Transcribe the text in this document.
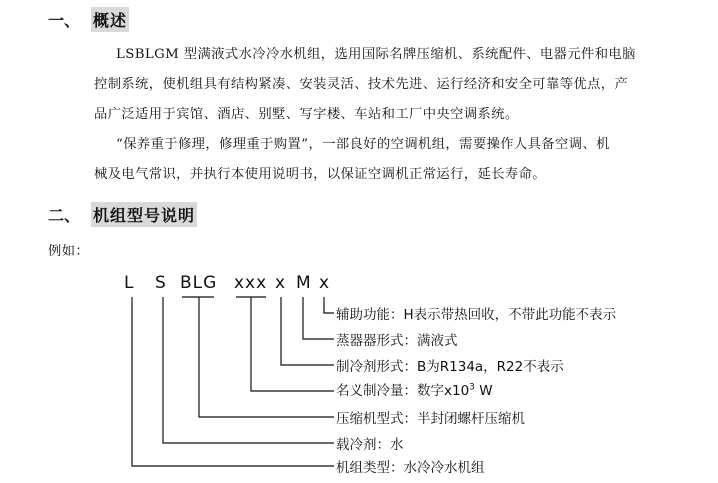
一、 概述
LSBLGM 型满液式水冷冷水机组，选用国际名牌压缩机、系统配件、电器元件和电脑
控制系统，使机组具有结构紧凑、安装灵活、技术先进、运行经济和安全可靠等优点，产
品广泛适用于宾馆、酒店、别墅、写字楼、车站和工厂中央空调系统。
“保养重于修理，修理重于购置”，一部良好的空调机组，需要操作人具备空调、机
械及电气常识，并执行本使用说明书，以保证空调机正常运行，延长寿命。
二、 机组型号说明
例如：
L S BLG xxx x M x
辅助功能：H表示带热回收，不带此功能不表示
蒸器器形式：满液式
制冷剂形式：B为R134a，R22不表示
名义制冷量：数字$x10^3$ W
压缩机型式：半封闭螺杆压缩机
载冷剂：水
机组类型：水冷冷水机组
